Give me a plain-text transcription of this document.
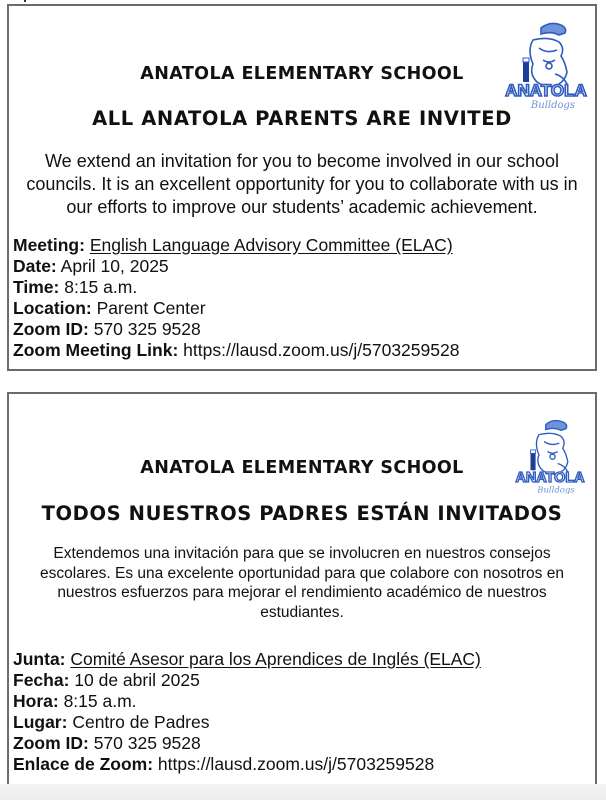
ANATOLA ELEMENTARY SCHOOL
ALL ANATOLA PARENTS ARE INVITED
ANATOLA
Bulldogs
We extend an invitation for you to become involved in our school councils. It is an excellent opportunity for you to collaborate with us in our efforts to improve our students’ academic achievement.
Meeting: English Language Advisory Committee (ELAC)
Date: April 10, 2025
Time: 8:15 a.m.
Location: Parent Center
Zoom ID: 570 325 9528
Zoom Meeting Link: https://lausd.zoom.us/j/5703259528
ANATOLA ELEMENTARY SCHOOL
TODOS NUESTROS PADRES ESTÁN INVITADOS
ANATOLA
Bulldogs
Extendemos una invitación para que se involucren en nuestros consejos escolares. Es una excelente oportunidad para que colabore con nosotros en nuestros esfuerzos para mejorar el rendimiento académico de nuestros estudiantes.
Junta: Comité Asesor para los Aprendices de Inglés (ELAC)
Fecha: 10 de abril 2025
Hora: 8:15 a.m.
Lugar: Centro de Padres
Zoom ID: 570 325 9528
Enlace de Zoom: https://lausd.zoom.us/j/5703259528
